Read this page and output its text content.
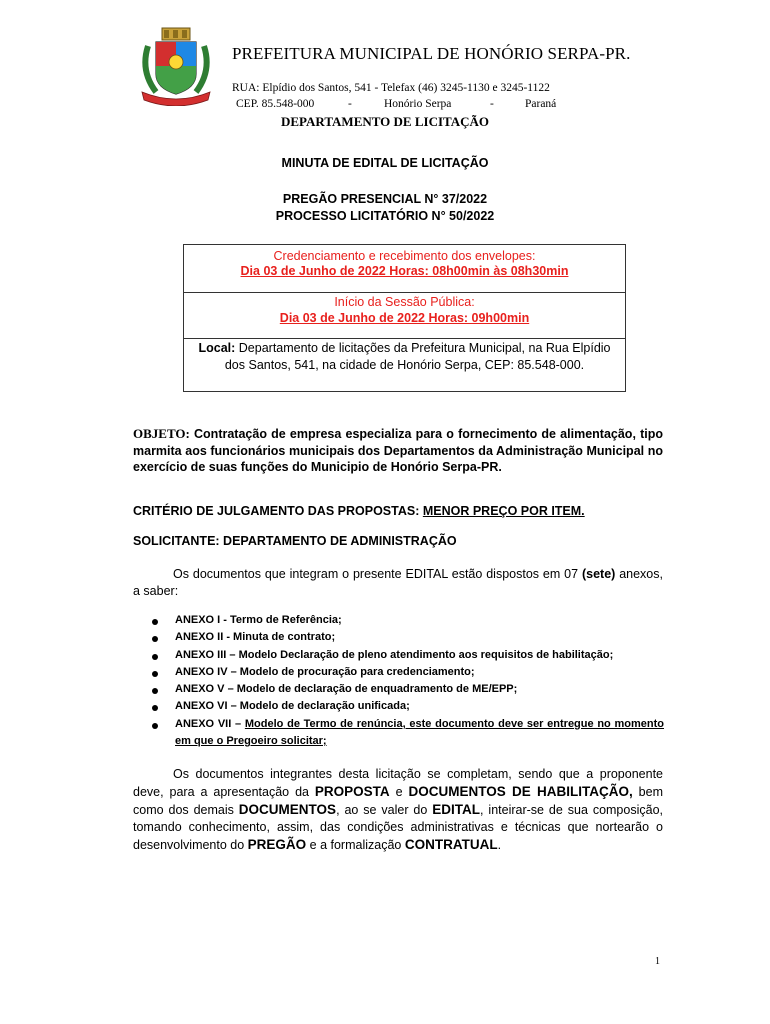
PREFEITURA MUNICIPAL DE HONÓRIO SERPA-PR.
RUA: Elpídio dos Santos, 541 - Telefax (46) 3245-1130 e 3245-1122
CEP. 85.548-000	-	Honório Serpa	-	Paraná
DEPARTAMENTO DE LICITAÇÃO
MINUTA DE EDITAL DE LICITAÇÃO
PREGÃO PRESENCIAL N° 37/2022
PROCESSO LICITATÓRIO N° 50/2022
Credenciamento e recebimento dos envelopes:
Dia 03 de Junho de 2022 Horas: 08h00min às 08h30min
Início da Sessão Pública:
Dia 03 de Junho de 2022 Horas: 09h00min
Local: Departamento de licitações da Prefeitura Municipal, na Rua Elpídio dos Santos, 541, na cidade de Honório Serpa, CEP: 85.548-000.
OBJETO: Contratação de empresa especializa para o fornecimento de alimentação, tipo marmita aos funcionários municipais dos Departamentos da Administração Municipal no exercício de suas funções do Municipio de Honório Serpa-PR.
CRITÉRIO DE JULGAMENTO DAS PROPOSTAS: MENOR PREÇO POR ITEM.
SOLICITANTE: DEPARTAMENTO DE ADMINISTRAÇÃO
Os documentos que integram o presente EDITAL estão dispostos em 07 (sete) anexos, a saber:
ANEXO I - Termo de Referência;
ANEXO II - Minuta de contrato;
ANEXO III – Modelo Declaração de pleno atendimento aos requisitos de habilitação;
ANEXO IV – Modelo de procuração para credenciamento;
ANEXO V – Modelo de declaração de enquadramento de ME/EPP;
ANEXO VI – Modelo de declaração unificada;
ANEXO VII – Modelo de Termo de renúncia, este documento deve ser entregue no momento em que o Pregoeiro solicitar;
Os documentos integrantes desta licitação se completam, sendo que a proponente deve, para a apresentação da PROPOSTA e DOCUMENTOS DE HABILITAÇÃO, bem como dos demais DOCUMENTOS, ao se valer do EDITAL, inteirar-se de sua composição, tomando conhecimento, assim, das condições administrativas e técnicas que nortearão o desenvolvimento do PREGÃO e a formalização CONTRATUAL.
1
